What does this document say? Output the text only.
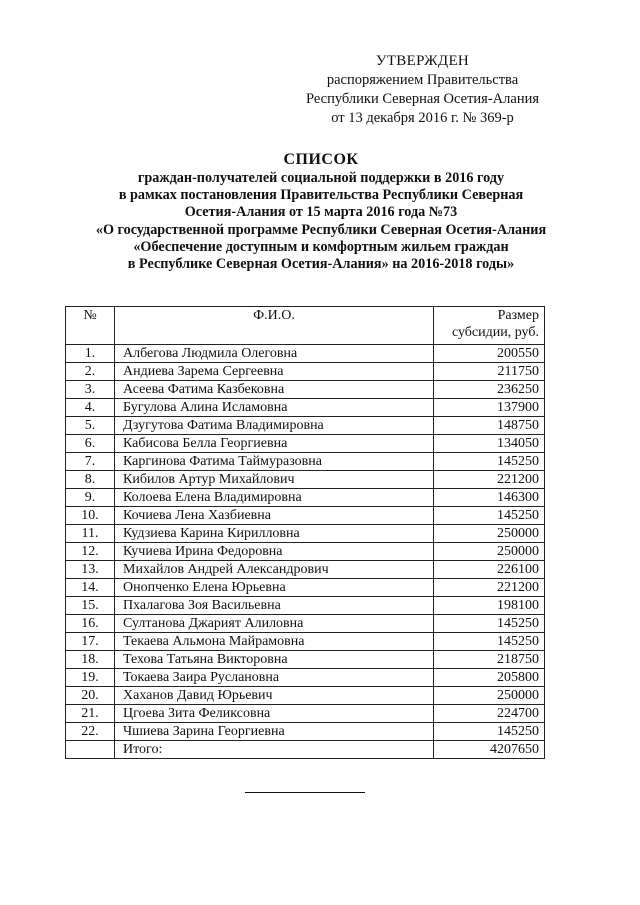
УТВЕРЖДЕН
распоряжением Правительства
Республики Северная Осетия-Алания
от 13 декабря 2016 г. № 369-р
СПИСОК
граждан-получателей социальной поддержки в 2016 году
в рамках постановления Правительства Республики Северная
Осетия-Алания от 15 марта 2016 года №73
«О государственной программе Республики Северная Осетия-Алания
«Обеспечение доступным и комфортным жильем граждан
в Республике Северная Осетия-Алания» на 2016-2018 годы»
№	Ф.И.О.	Размер
субсидии, руб.

1.	Албегова Людмила Олеговна	200550
2.	Андиева Зарема Сергеевна	211750
3.	Асеева Фатима Казбековна	236250
4.	Бугулова Алина Исламовна	137900
5.	Дзугутова Фатима Владимировна	148750
6.	Кабисова Белла Георгиевна	134050
7.	Каргинова Фатима Таймуразовна	145250
8.	Кибилов Артур Михайлович	221200
9.	Колоева Елена Владимировна	146300
10.	Кочиева Лена Хазбиевна	145250
11.	Кудзиева Карина Кирилловна	250000
12.	Кучиева Ирина Федоровна	250000
13.	Михайлов Андрей Александрович	226100
14.	Онопченко Елена Юрьевна	221200
15.	Пхалагова Зоя Васильевна	198100
16.	Султанова Джарият Алиловна	145250
17.	Текаева Альмона Майрамовна	145250
18.	Техова Татьяна Викторовна	218750
19.	Токаева Заира Руслановна	205800
20.	Хаханов Давид Юрьевич	250000
21.	Цгоева Зита Феликсовна	224700
22.	Чшиева Зарина Георгиевна	145250
	Итого:	4207650
